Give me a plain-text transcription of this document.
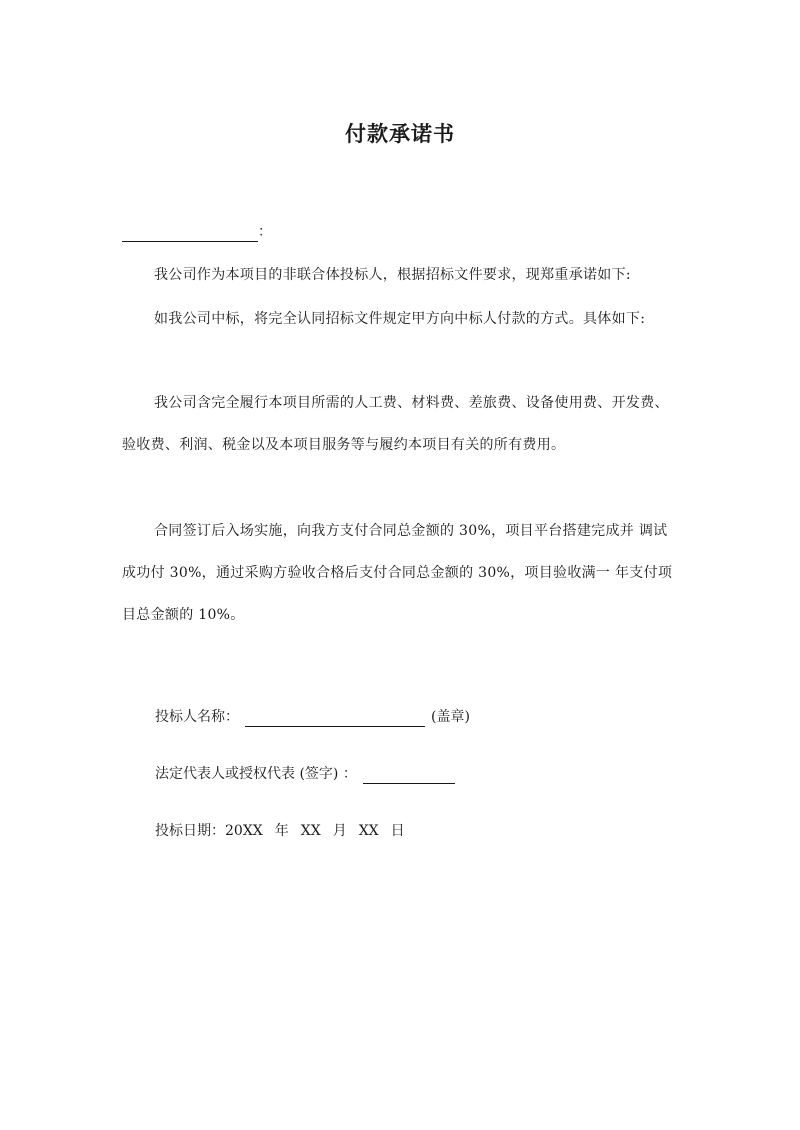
付款承诺书
：

我公司作为本项目的非联合体投标人，根据招标文件要求，现郑重承诺如下:

如我公司中标，将完全认同招标文件规定甲方向中标人付款的方式。具体如下:

我公司含完全履行本项目所需的人工费、材料费、差旅费、设备使用费、开发费、验收费、利润、税金以及本项目服务等与履约本项目有关的所有费用。

合同签订后入场实施，向我方支付合同总金额的 30%，项目平台搭建完成并 调试成功付 30%，通过采购方验收合格后支付合同总金额的 30%，项目验收满一 年支付项目总金额的 10%。

投标人名称：	(盖章)
法定代表人或授权代表 (签字) ：
投标日期： 20XX 年 XX 月 XX 日
